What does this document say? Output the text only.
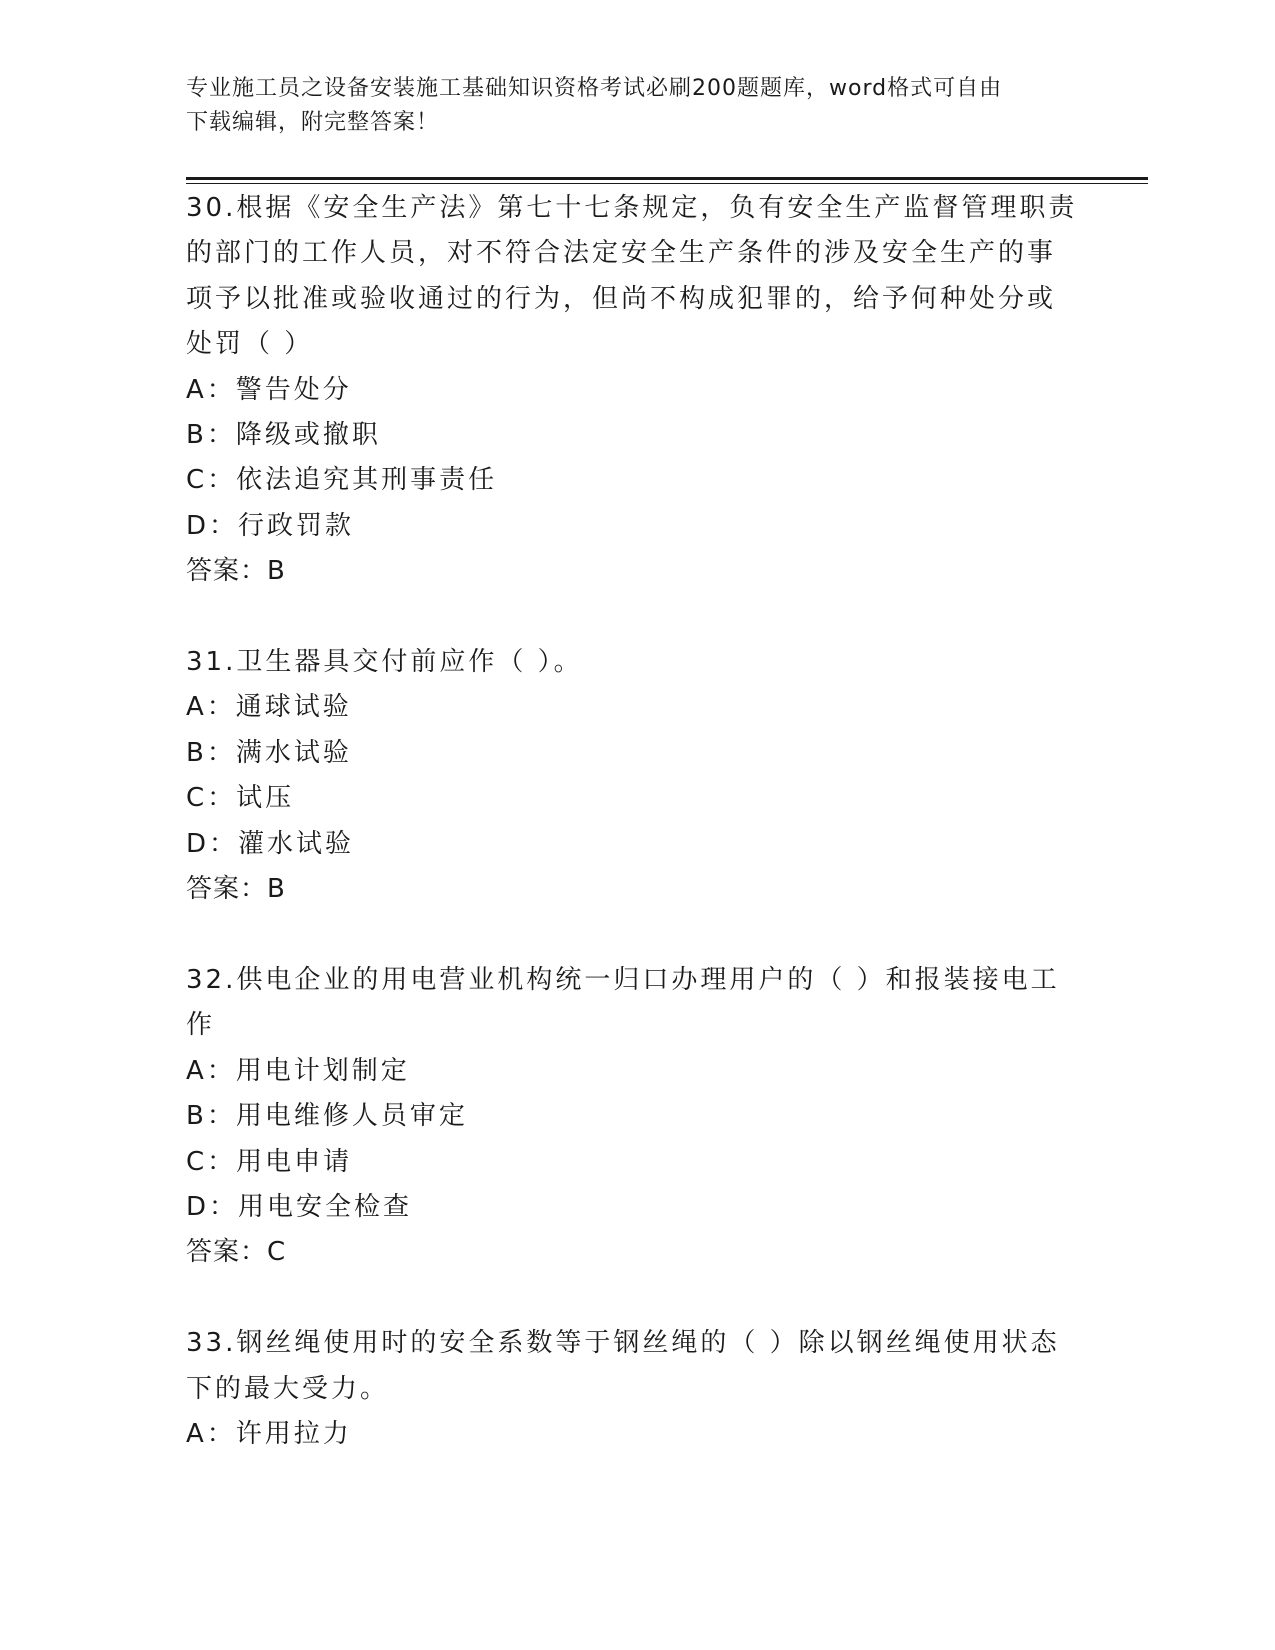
专业施工员之设备安装施工基础知识资格考试必刷200题题库，word格式可自由
下载编辑，附完整答案！

30.根据《安全生产法》第七十七条规定，负有安全生产监督管理职责

的部门的工作人员，对不符合法定安全生产条件的涉及安全生产的事

项予以批准或验收通过的行为，但尚不构成犯罪的，给予何种处分或

处罚（ ）

A：警告处分

B：降级或撤职

C：依法追究其刑事责任

D：行政罚款

答案：B

31.卫生器具交付前应作（ ）。

A：通球试验

B：满水试验

C：试压

D：灌水试验

答案：B

32.供电企业的用电营业机构统一归口办理用户的（ ）和报装接电工

作

A：用电计划制定

B：用电维修人员审定

C：用电申请

D：用电安全检查

答案：C

33.钢丝绳使用时的安全系数等于钢丝绳的（ ）除以钢丝绳使用状态

下的最大受力。

A：许用拉力
